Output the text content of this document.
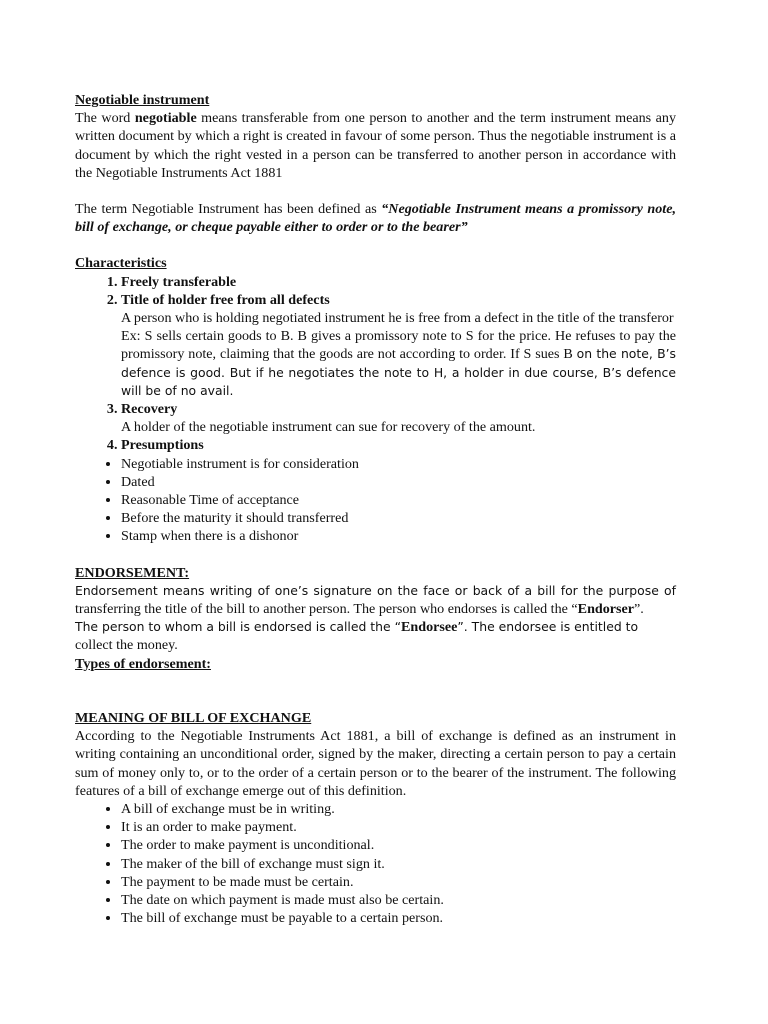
Negotiable instrument

The word negotiable means transferable from one person to another and the term instrument means any written document by which a right is created in favour of some person. Thus the negotiable instrument is a document by which the right vested in a person can be transferred to another person in accordance with the Negotiable Instruments Act 1881

The term Negotiable Instrument has been defined as “Negotiable Instrument means a promissory note, bill of exchange, or cheque payable either to order or to the bearer”

Characteristics

1. Freely transferable
2. Title of holder free from all defects
A person who is holding negotiated instrument he is free from a defect in the title of the transferor
Ex: S sells certain goods to B. B gives a promissory note to S for the price. He refuses to pay the promissory note, claiming that the goods are not according to order. If S sues B on the note, B’s defence is good. But if he negotiates the note to H, a holder in due course, B’s defence will be of no avail.
3. Recovery
A holder of the negotiable instrument can sue for recovery of the amount.
4. Presumptions
• Negotiable instrument is for consideration
• Dated
• Reasonable Time of acceptance
• Before the maturity it should transferred
• Stamp when there is a dishonor

ENDORSEMENT:

Endorsement means writing of one’s signature on the face or back of a bill for the purpose of transferring the title of the bill to another person. The person who endorses is called the “Endorser”.

The person to whom a bill is endorsed is called the “Endorsee”. The endorsee is entitled to
collect the money.

Types of endorsement:

MEANING OF BILL OF EXCHANGE

According to the Negotiable Instruments Act 1881, a bill of exchange is defined as an instrument in writing containing an unconditional order, signed by the maker, directing a certain person to pay a certain sum of money only to, or to the order of a certain person or to the bearer of the instrument. The following features of a bill of exchange emerge out of this definition.

• A bill of exchange must be in writing.
• It is an order to make payment.
• The order to make payment is unconditional.
• The maker of the bill of exchange must sign it.
• The payment to be made must be certain.
• The date on which payment is made must also be certain.
• The bill of exchange must be payable to a certain person.
